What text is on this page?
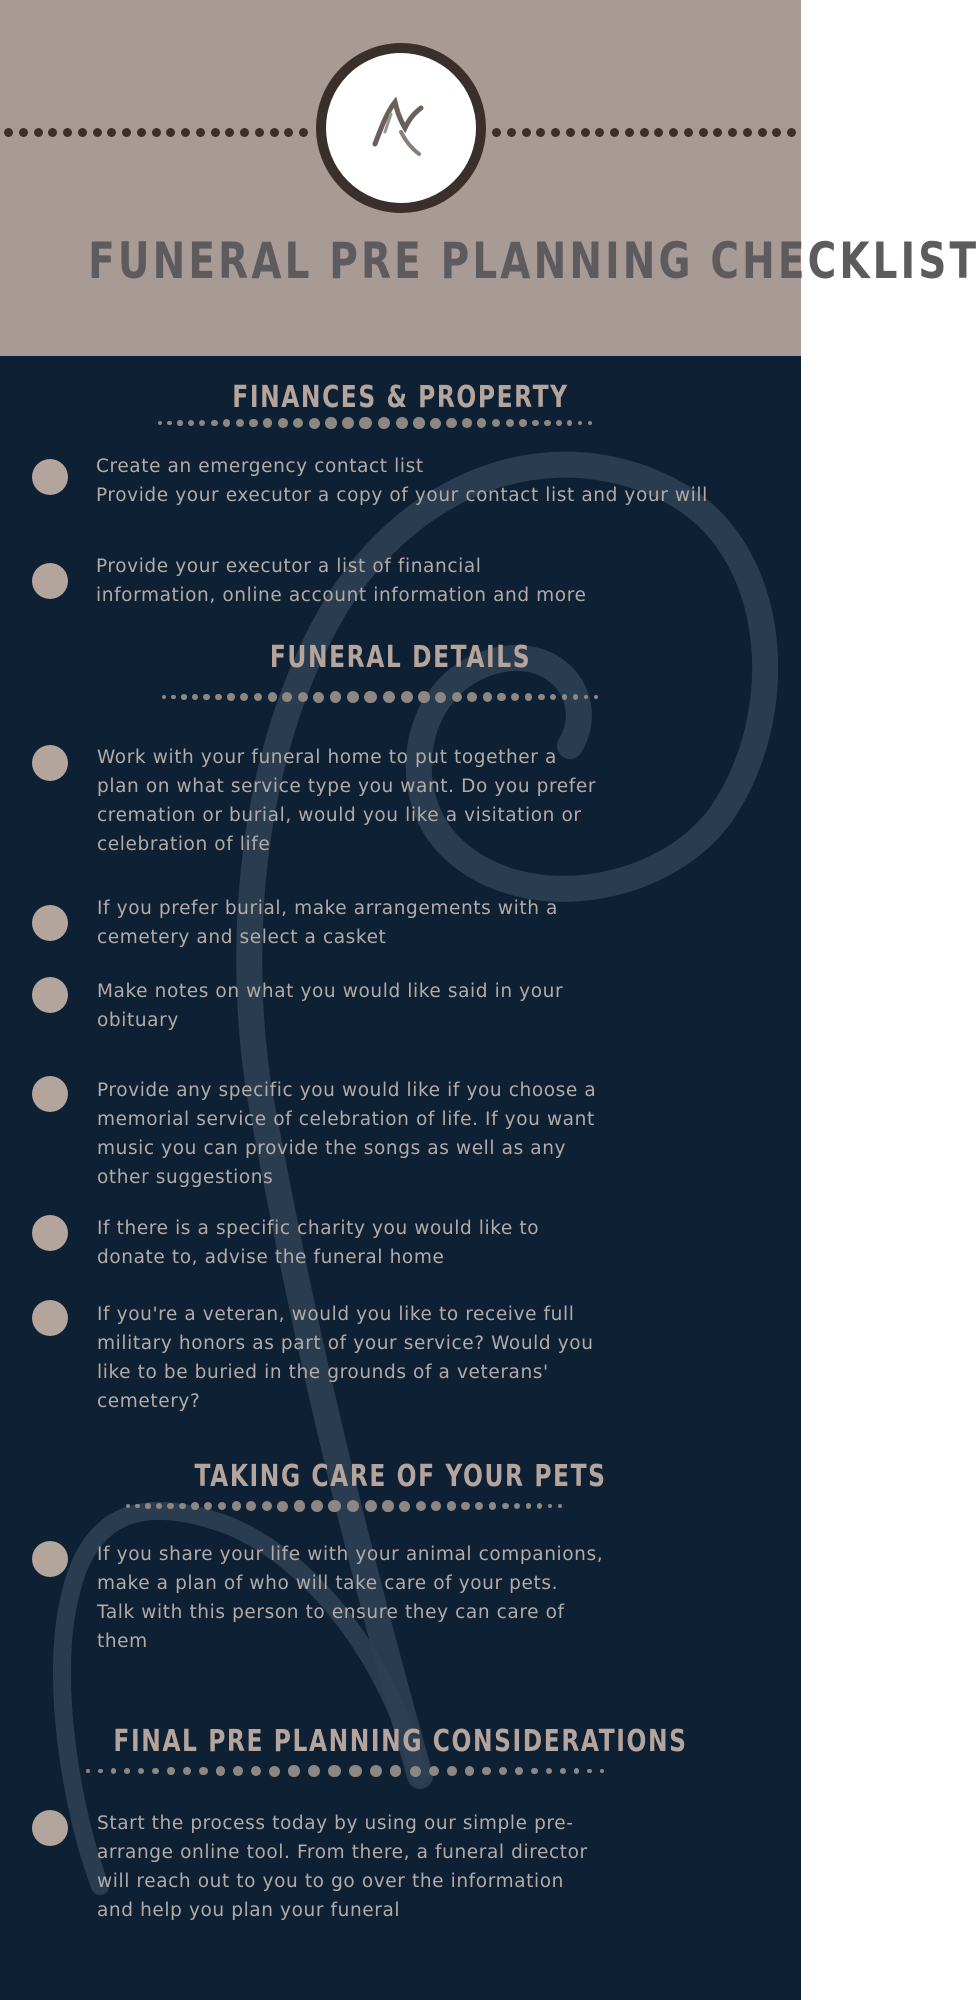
FUNERAL PRE PLANNING CHECKLIST
FINANCES & PROPERTY
Create an emergency contact list
Provide your executor a copy of your contact list and your will
Provide your executor a list of financial
information, online account information and more
FUNERAL DETAILS
Work with your funeral home to put together a
plan on what service type you want. Do you prefer
cremation or burial, would you like a visitation or
celebration of life
If you prefer burial, make arrangements with a
cemetery and select a casket
Make notes on what you would like said in your
obituary
Provide any specific you would like if you choose a
memorial service of celebration of life. If you want
music you can provide the songs as well as any
other suggestions
If there is a specific charity you would like to
donate to, advise the funeral home
If you're a veteran, would you like to receive full
military honors as part of your service? Would you
like to be buried in the grounds of a veterans'
cemetery?
TAKING CARE OF YOUR PETS
If you share your life with your animal companions,
make a plan of who will take care of your pets.
Talk with this person to ensure they can care of
them
FINAL PRE PLANNING CONSIDERATIONS
Start the process today by using our simple pre-
arrange online tool. From there, a funeral director
will reach out to you to go over the information
and help you plan your funeral
